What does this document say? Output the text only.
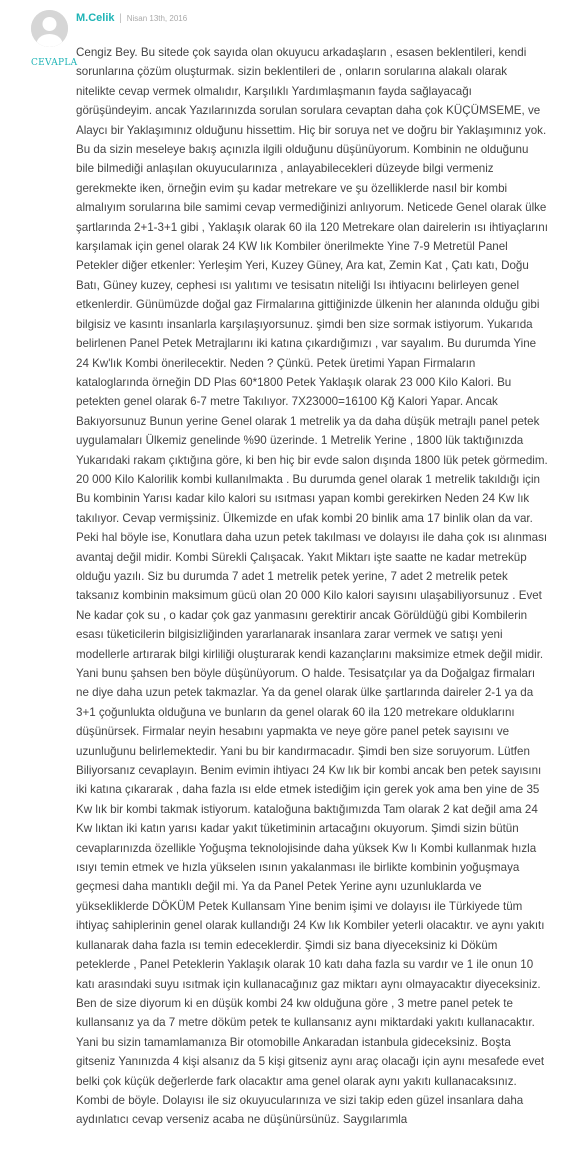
CEVAPLA
M.Celik | Nisan 13th, 2016

Cengiz Bey. Bu sitede çok sayıda olan okuyucu arkadaşların , esasen beklentileri, kendi sorunlarına çözüm oluşturmak. sizin beklentileri de , onların sorularına alakalı olarak nitelikte cevap vermek olmalıdır, Karşılıklı Yardımlaşmanın fayda sağlayacağı görüşündeyim. ancak Yazılarınızda sorulan sorulara cevaptan daha çok KÜÇÜMSEME, ve Alaycı bir Yaklaşımınız olduğunu hissettim. Hiç bir soruya net ve doğru bir Yaklaşımınız yok. Bu da sizin meseleye bakış açınızla ilgili olduğunu düşünüyorum. Kombinin ne olduğunu bile bilmediği anlaşılan okuyucularınıza , anlayabilecekleri düzeyde bilgi vermeniz gerekmekte iken, örneğin evim şu kadar metrekare ve şu özelliklerde nasıl bir kombi almalıyım sorularına bile samimi cevap vermediğinizi anlıyorum. Neticede Genel olarak ülke şartlarında 2+1-3+1 gibi , Yaklaşık olarak 60 ila 120 Metrekare olan dairelerin ısı ihtiyaçlarını karşılamak için genel olarak 24 KW lık Kombiler önerilmekte Yine 7-9 Metretül Panel Petekler diğer etkenler: Yerleşim Yeri, Kuzey Güney, Ara kat, Zemin Kat , Çatı katı, Doğu Batı, Güney kuzey, cephesi ısı yalıtımı ve tesisatın niteliği Isı ihtiyacını belirleyen genel etkenlerdir. Günümüzde doğal gaz Firmalarına gittiğinizde ülkenin her alanında olduğu gibi bilgisiz ve kasıntı insanlarla karşılaşıyorsunuz. şimdi ben size sormak istiyorum. Yukarıda belirlenen Panel Petek Metrajlarını iki katına çıkardığımızı , var sayalım. Bu durumda Yine 24 Kw'lık Kombi önerilecektir. Neden ? Çünkü. Petek üretimi Yapan Firmaların kataloglarında örneğin DD Plas 60*1800 Petek Yaklaşık olarak 23 000 Kilo Kalori. Bu petekten genel olarak 6-7 metre Takılıyor. 7X23000=16100 Kğ Kalori Yapar. Ancak Bakıyorsunuz Bunun yerine Genel olarak 1 metrelik ya da daha düşük metrajlı panel petek uygulamaları Ülkemiz genelinde %90 üzerinde. 1 Metrelik Yerine , 1800 lük taktığınızda Yukarıdaki rakam çıktığına göre, ki ben hiç bir evde salon dışında 1800 lük petek görmedim. 20 000 Kilo Kalorilik kombi kullanılmakta . Bu durumda genel olarak 1 metrelik takıldığı için Bu kombinin Yarısı kadar kilo kalori su ısıtması yapan kombi gerekirken Neden 24 Kw lık takılıyor. Cevap vermişsiniz. Ülkemizde en ufak kombi 20 binlik ama 17 binlik olan da var. Peki hal böyle ise, Konutlara daha uzun petek takılması ve dolayısı ile daha çok ısı alınması avantaj değil midir. Kombi Sürekli Çalışacak. Yakıt Miktarı işte saatte ne kadar metreküp olduğu yazılı. Siz bu durumda 7 adet 1 metrelik petek yerine, 7 adet 2 metrelik petek taksanız kombinin maksimum gücü olan 20 000 Kilo kalori sayısını ulaşabiliyorsunuz . Evet Ne kadar çok su , o kadar çok gaz yanmasını gerektirir ancak Görüldüğü gibi Kombilerin esası tüketicilerin bilgisizliğinden yararlanarak insanlara zarar vermek ve satışı yeni modellerle artırarak bilgi kirliliği oluşturarak kendi kazançlarını maksimize etmek değil midir. Yani bunu şahsen ben böyle düşünüyorum. O halde. Tesisatçılar ya da Doğalgaz firmaları ne diye daha uzun petek takmazlar. Ya da genel olarak ülke şartlarında daireler 2-1 ya da 3+1 çoğunlukta olduğuna ve bunların da genel olarak 60 ila 120 metrekare olduklarını düşünürsek. Firmalar neyin hesabını yapmakta ve neye göre panel petek sayısını ve uzunluğunu belirlemektedir. Yani bu bir kandırmacadır. Şimdi ben size soruyorum. Lütfen Biliyorsanız cevaplayın. Benim evimin ihtiyacı 24 Kw lık bir kombi ancak ben petek sayısını iki katına çıkararak , daha fazla ısı elde etmek istediğim için gerek yok ama ben yine de 35 Kw lık bir kombi takmak istiyorum. kataloğuna baktığımızda Tam olarak 2 kat değil ama 24 Kw lıktan iki katın yarısı kadar yakıt tüketiminin artacağını okuyorum. Şimdi sizin bütün cevaplarınızda özellikle Yoğuşma teknolojisinde daha yüksek Kw lı Kombi kullanmak hızla ısıyı temin etmek ve hızla yükselen ısının yakalanması ile birlikte kombinin yoğuşmaya geçmesi daha mantıklı değil mi. Ya da Panel Petek Yerine aynı uzunluklarda ve yüksekliklerde DÖKÜM Petek Kullansam Yine benim işimi ve dolayısı ile Türkiyede tüm ihtiyaç sahiplerinin genel olarak kullandığı 24 Kw lık Kombiler yeterli olacaktır. ve aynı yakıtı kullanarak daha fazla ısı temin edeceklerdir. Şimdi siz bana diyeceksiniz ki Döküm peteklerde , Panel Peteklerin Yaklaşık olarak 10 katı daha fazla su vardır ve 1 ile onun 10 katı arasındaki suyu ısıtmak için kullanacağınız gaz miktarı aynı olmayacaktır diyeceksiniz. Ben de size diyorum ki en düşük kombi 24 kw olduğuna göre , 3 metre panel petek te kullansanız ya da 7 metre döküm petek te kullansanız aynı miktardaki yakıtı kullanacaktır. Yani bu sizin tamamlamanıza Bir otomobille Ankaradan istanbula gideceksiniz. Boşta gitseniz Yanınızda 4 kişi alsanız da 5 kişi gitseniz aynı araç olacağı için aynı mesafede evet belki çok küçük değerlerde fark olacaktır ama genel olarak aynı yakıtı kullanacaksınız. Kombi de böyle. Dolayısı ile siz okuyucularınıza ve sizi takip eden güzel insanlara daha aydınlatıcı cevap verseniz acaba ne düşünürsünüz. Saygılarımla
